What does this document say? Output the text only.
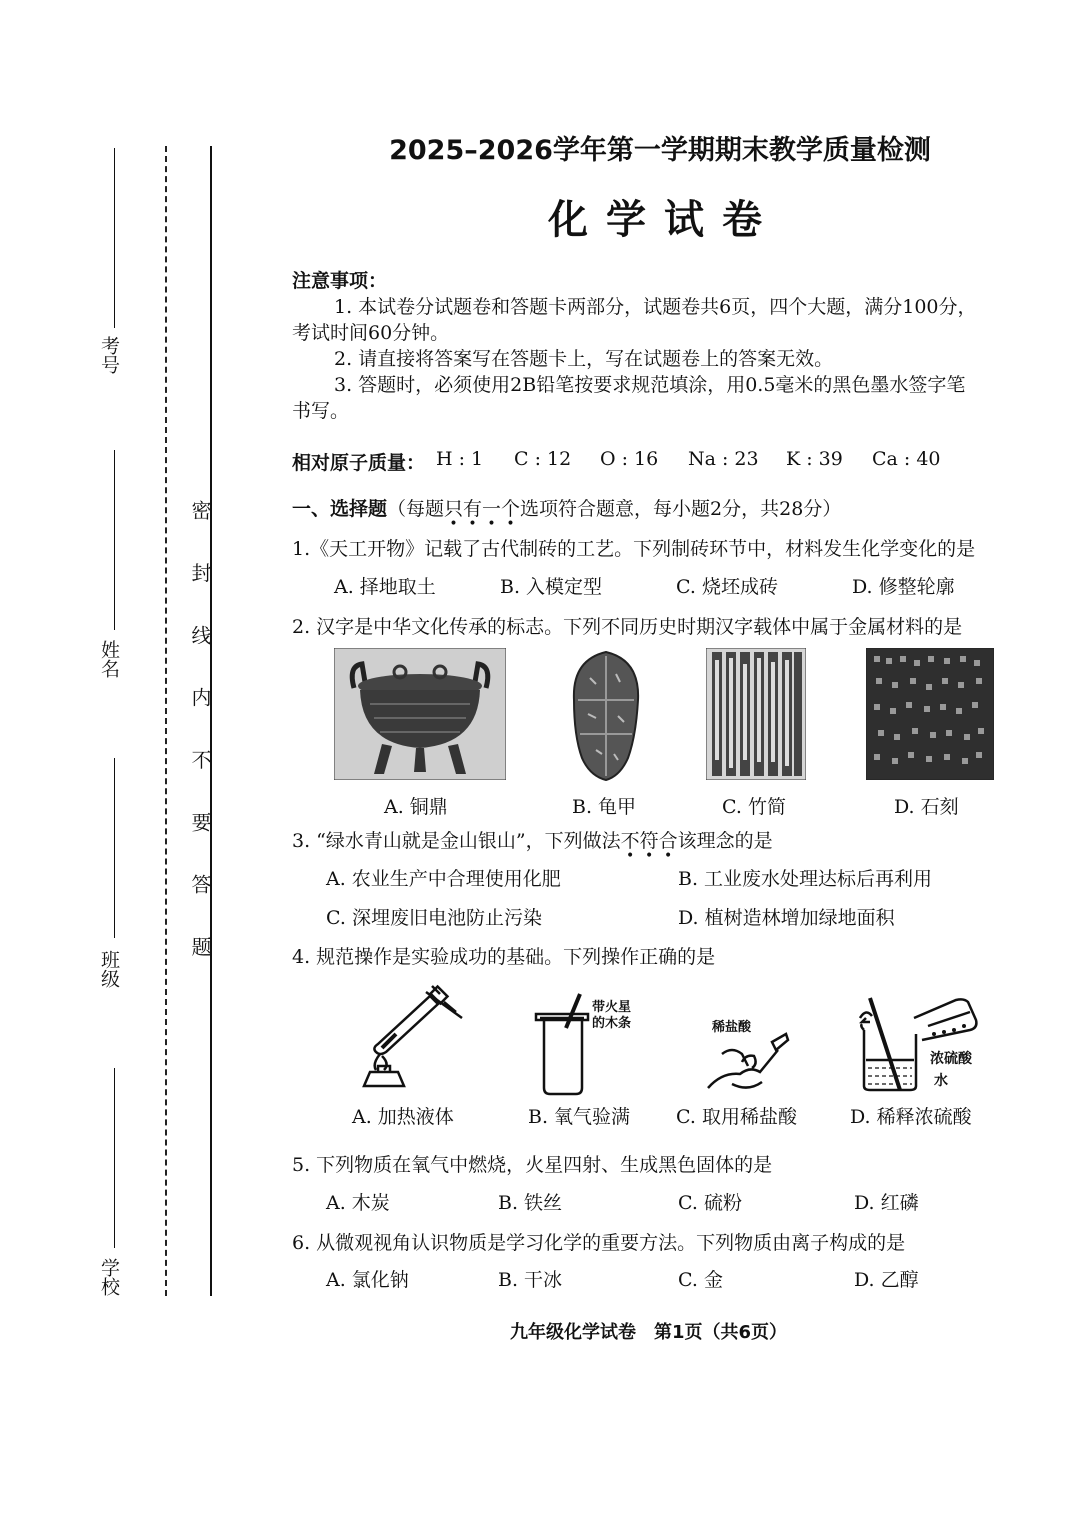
考号
姓名
班级
学校
密 封 线 内 不 要 答 题
2025–2026学年第一学期期末教学质量检测
化学试卷
注意事项：
1. 本试卷分试题卷和答题卡两部分，试题卷共6页，四个大题，满分100分，
考试时间60分钟。
2. 请直接将答案写在答题卡上，写在试题卷上的答案无效。
3. 答题时，必须使用2B铅笔按要求规范填涂，用0.5毫米的黑色墨水签字笔
书写。
相对原子质量： H : 1 C : 12 O : 16 Na : 23 K : 39 Ca : 40
一、选择题（每题只有一个
• • • •
选项符合题意，每小题2分，共28分）
1.《天工开物》记载了古代制砖的工艺。下列制砖环节中，材料发生化学变化的是
A. 择地取土	B. 入模定型	C. 烧坯成砖	D. 修整轮廓
2. 汉字是中华文化传承的标志。下列不同历史时期汉字载体中属于金属材料的是
A. 铜鼎	B. 龟甲	C. 竹简	D. 石刻
3. “绿水青山就是金山银山”，下列做法不符合
• • •
该理念的是
A. 农业生产中合理使用化肥	B. 工业废水处理达标后再利用
C. 深埋废旧电池防止污染	D. 植树造林增加绿地面积
4. 规范操作是实验成功的基础。下列操作正确的是
带火星
的木条	稀盐酸
浓硫酸
水
A. 加热液体	B. 氧气验满 C. 取用稀盐酸	D. 稀释浓硫酸
5. 下列物质在氧气中燃烧，火星四射、生成黑色固体的是
A. 木炭	B. 铁丝	C. 硫粉	D. 红磷
6. 从微观视角认识物质是学习化学的重要方法。下列物质由离子构成的是
A. 氯化钠	B. 干冰	C. 金	D. 乙醇
九年级化学试卷　第1页（共6页）
